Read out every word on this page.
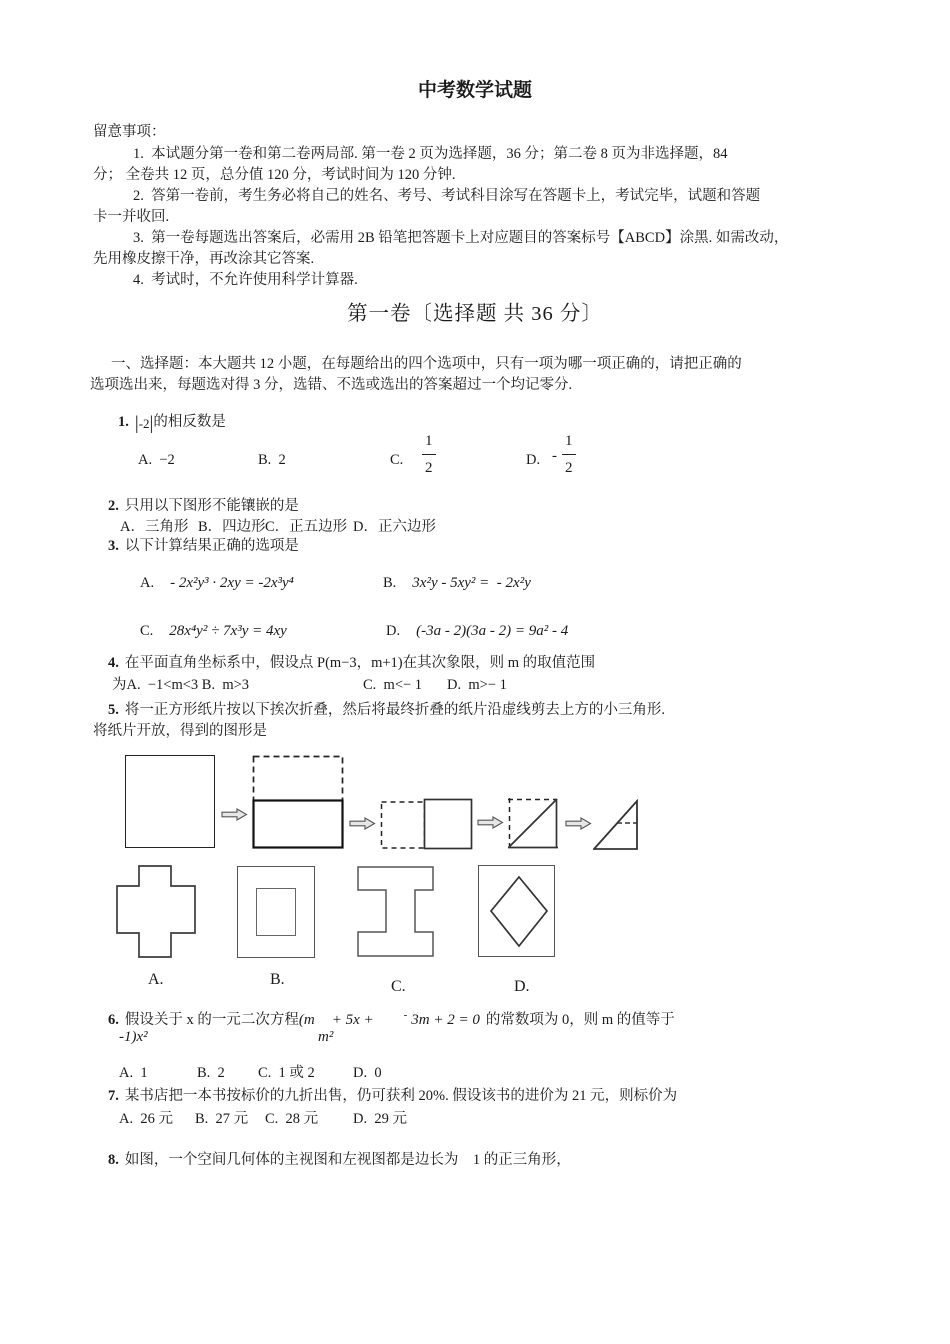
中考数学试题
留意事项：
1.  本试题分第一卷和第二卷两局部. 第一卷 2 页为选择题，36 分；第二卷 8 页为非选择题，84
分； 全卷共 12 页，总分值 120 分，考试时间为 120 分钟.
2.  答第一卷前，考生务必将自己的姓名、考号、考试科目涂写在答题卡上，考试完毕，试题和答题
卡一并收回.
3.  第一卷每题选出答案后，必需用 2B 铅笔把答题卡上对应题目的答案标号【ABCD】涂黑. 如需改动，
先用橡皮擦干净，再改涂其它答案.
4.  考试时，不允许使用科学计算器.
第一卷〔选择题 共 36 分〕
一、选择题：本大题共 12 小题，在每题给出的四个选项中，只有一项为哪一项正确的，请把正确的
选项选出来，每题选对得 3 分，选错、不选或选出的答案超过一个均记零分.
1. |-2|的相反数是
A.  −2	B.  2	C. $\frac{1}{2}$	D. - $\frac{1}{2}$
2. 只用以下图形不能镶嵌的是
A．三角形 B．四边形 C．正五边形 D．正六边形
3. 以下计算结果正确的选项是
A. - 2x²y³ · 2xy = -2x³y⁴	B. 3x²y - 5xy² =  - 2x²y
C. 28x⁴y² ÷ 7x³y = 4xy	D. (-3a - 2)(3a - 2) = 9a² - 4
4. 在平面直角坐标系中，假设点 P(m−3，m+1)在其次象限，则 m 的取值范围
为A.  −1<m<3 B.  m>3	C.  m<− 1 D.  m>− 1
5. 将一正方形纸片按以下挨次折叠，然后将最终折叠的纸片沿虚线剪去上方的小三角形.
将纸片开放，得到的图形是
A.	B.	C.	D.
6. 假设关于 x 的一元二次方程(m + 5x +	- 3m + 2 = 0 的常数项为 0，则 m 的值等于
-1)x²	m²
A.  1	B.  2 C.  1 或 2	D.  0
7. 某书店把一本书按标价的九折出售，仍可获利 20%. 假设该书的进价为 21 元，则标价为
A.  26 元 B.  27 元 C.  28 元 D.  29 元
8. 如图，一个空间几何体的主视图和左视图都是边长为    1 的正三角形，
